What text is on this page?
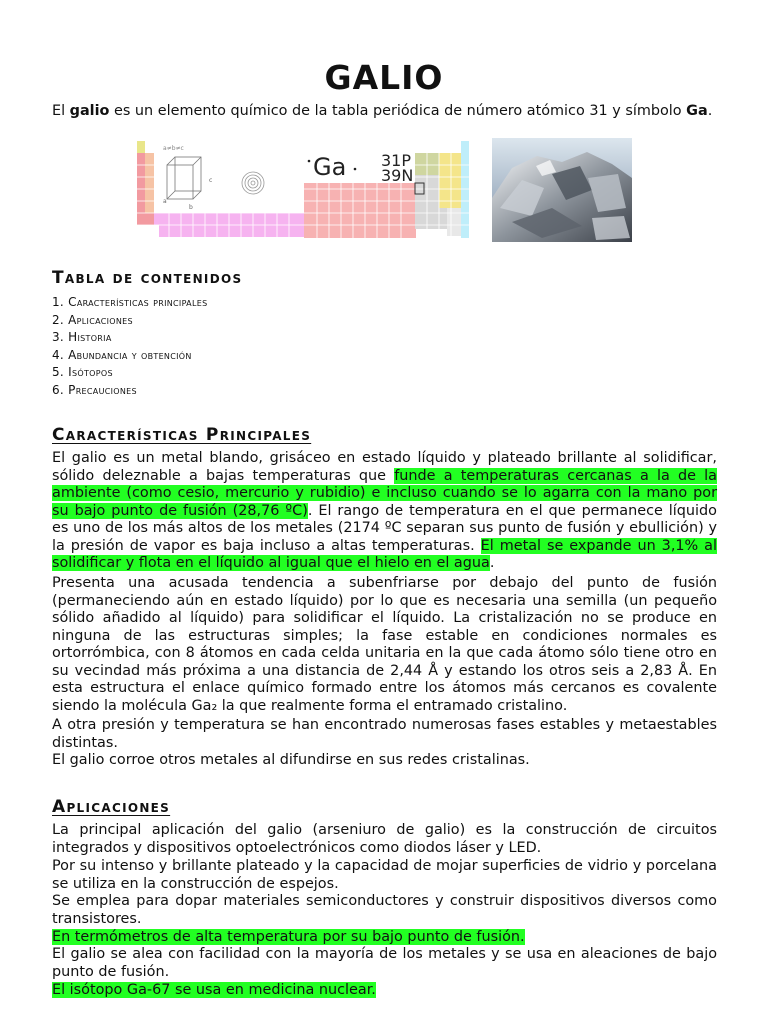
GALIO
El galio es un elemento químico de la tabla periódica de número atómico 31 y símbolo Ga.
a≠b≠c
c
a
b
Ga 31P
39N
Tabla de contenidos
1. Características principales
2. Aplicaciones
3. Historia
4. Abundancia y obtención
5. Isótopos
6. Precauciones
Características Principales
El galio es un metal blando, grisáceo en estado líquido y plateado brillante al solidificar, sólido deleznable a bajas temperaturas que funde a temperaturas cercanas a la de la ambiente (como cesio, mercurio y rubidio) e incluso cuando se lo agarra con la mano por su bajo punto de fusión (28,76 ºC). El rango de temperatura en el que permanece líquido es uno de los más altos de los metales (2174 ºC separan sus punto de fusión y ebullición) y la presión de vapor es baja incluso a altas temperaturas. El metal se expande un 3,1% al solidificar y flota en el líquido al igual que el hielo en el agua.
Presenta una acusada tendencia a subenfriarse por debajo del punto de fusión (permaneciendo aún en estado líquido) por lo que es necesaria una semilla (un pequeño sólido añadido al líquido) para solidificar el líquido. La cristalización no se produce en ninguna de las estructuras simples; la fase estable en condiciones normales es ortorrómbica, con 8 átomos en cada celda unitaria en la que cada átomo sólo tiene otro en su vecindad más próxima a una distancia de 2,44 Å y estando los otros seis a 2,83 Å. En esta estructura el enlace químico formado entre los átomos más cercanos es covalente siendo la molécula Ga₂ la que realmente forma el entramado cristalino.
A otra presión y temperatura se han encontrado numerosas fases estables y metaestables distintas.
El galio corroe otros metales al difundirse en sus redes cristalinas.
Aplicaciones
La principal aplicación del galio (arseniuro de galio) es la construcción de circuitos integrados y dispositivos optoelectrónicos como diodos láser y LED.
Por su intenso y brillante plateado y la capacidad de mojar superficies de vidrio y porcelana se utiliza en la construcción de espejos.
Se emplea para dopar materiales semiconductores y construir dispositivos diversos como transistores.
En termómetros de alta temperatura por su bajo punto de fusión.
El galio se alea con facilidad con la mayoría de los metales y se usa en aleaciones de bajo punto de fusión.
El isótopo Ga-67 se usa en medicina nuclear.
